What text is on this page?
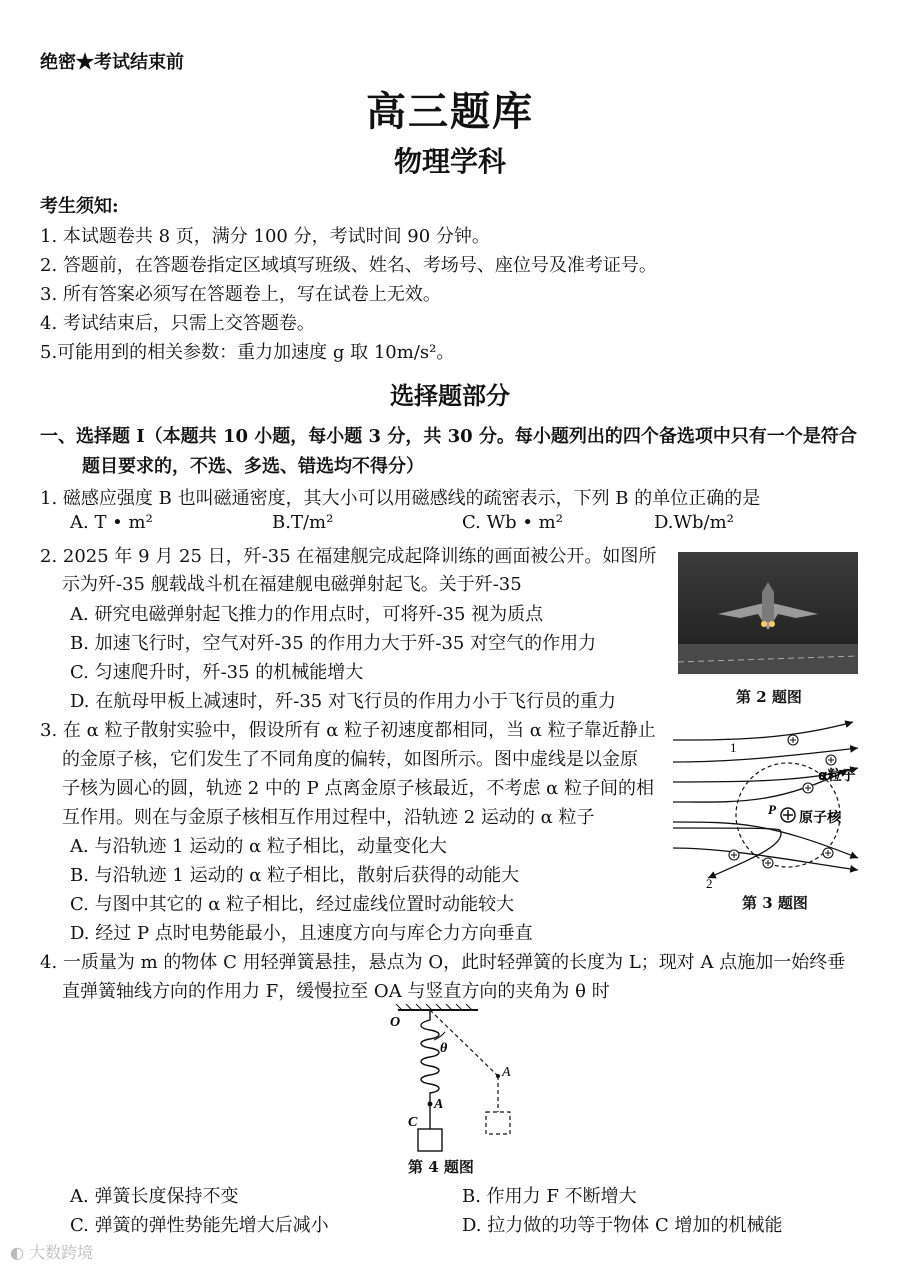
绝密★考试结束前
高三题库
物理学科
考生须知:
1. 本试题卷共 8 页，满分 100 分，考试时间 90 分钟。
2. 答题前，在答题卷指定区域填写班级、姓名、考场号、座位号及准考证号。
3. 所有答案必须写在答题卷上，写在试卷上无效。
4. 考试结束后，只需上交答题卷。
5.可能用到的相关参数：重力加速度 g 取 10m/s²。
选择题部分
一、选择题 I（本题共 10 小题，每小题 3 分，共 30 分。每小题列出的四个备选项中只有一个是符合
题目要求的，不选、多选、错选均不得分）
1. 磁感应强度 B 也叫磁通密度，其大小可以用磁感线的疏密表示，下列 B 的单位正确的是
A. T • m²	B.T/m²	C. Wb • m²	D.Wb/m²
2. 2025 年 9 月 25 日，歼-35 在福建舰完成起降训练的画面被公开。如图所
示为歼-35 舰载战斗机在福建舰电磁弹射起飞。关于歼-35
A. 研究电磁弹射起飞推力的作用点时，可将歼-35 视为质点
B. 加速飞行时，空气对歼-35 的作用力大于歼-35 对空气的作用力
C. 匀速爬升时，歼-35 的机械能增大
D. 在航母甲板上减速时，歼-35 对飞行员的作用力小于飞行员的重力	第 2 题图
3. 在 α 粒子散射实验中，假设所有 α 粒子初速度都相同，当 α 粒子靠近静止
的金原子核，它们发生了不同角度的偏转，如图所示。图中虚线是以金原
子核为圆心的圆，轨迹 2 中的 P 点离金原子核最近，不考虑 α 粒子间的相
互作用。则在与金原子核相互作用过程中，沿轨迹 2 运动的 α 粒子
A. 与沿轨迹 1 运动的 α 粒子相比，动量变化大
B. 与沿轨迹 1 运动的 α 粒子相比，散射后获得的动能大
C. 与图中其它的 α 粒子相比，经过虚线位置时动能较大
D. 经过 P 点时电势能最小，且速度方向与库仑力方向垂直
1
2
α粒子
原子核
P
第 3 题图
4. 一质量为 m 的物体 C 用轻弹簧悬挂，悬点为 O，此时轻弹簧的长度为 L；现对 A 点施加一始终垂
直弹簧轴线方向的作用力 F，缓慢拉至 OA 与竖直方向的夹角为 θ 时
O
θ
A
A
C
第 4 题图
A. 弹簧长度保持不变	B. 作用力 F 不断增大
C. 弹簧的弹性势能先增大后减小	D. 拉力做的功等于物体 C 增加的机械能
◐ 大数跨境
